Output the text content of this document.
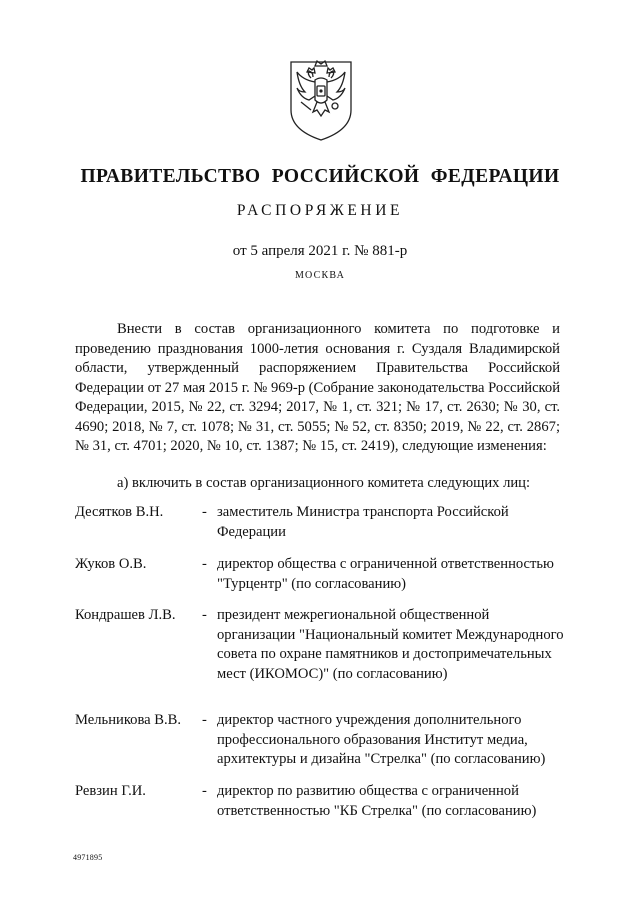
ПРАВИТЕЛЬСТВО РОССИЙСКОЙ ФЕДЕРАЦИИ
РАСПОРЯЖЕНИЕ
от 5 апреля 2021 г. № 881-р
МОСКВА

Внести в состав организационного комитета по подготовке и проведению празднования 1000-летия основания г. Суздаля Владимирской области, утвержденный распоряжением Правительства Российской Федерации от 27 мая 2015 г. № 969-р (Собрание законодательства Российской Федерации, 2015, № 22, ст. 3294; 2017, № 1, ст. 321; № 17, ст. 2630; № 30, ст. 4690; 2018, № 7, ст. 1078; № 31, ст. 5055; № 52, ст. 8350; 2019, № 22, ст. 2867; № 31, ст. 4701; 2020, № 10, ст. 1387; № 15, ст. 2419), следующие изменения:

а) включить в состав организационного комитета следующих лиц:

Десятков В.Н.	- заместитель Министра транспорта Российской Федерации
Жуков О.В.	- директор общества с ограниченной ответственностью "Турцентр" (по согласованию)
Кондрашев Л.В. - президент межрегиональной общественной организации "Национальный комитет Международного совета по охране памятников и достопримечательных мест (ИКОМОС)" (по согласованию)
Мельникова В.В. - директор частного учреждения дополнительного профессионального образования Институт медиа, архитектуры и дизайна "Стрелка" (по согласованию)
Ревзин Г.И.	- директор по развитию общества с ограниченной ответственностью "КБ Стрелка" (по согласованию)
4971895
